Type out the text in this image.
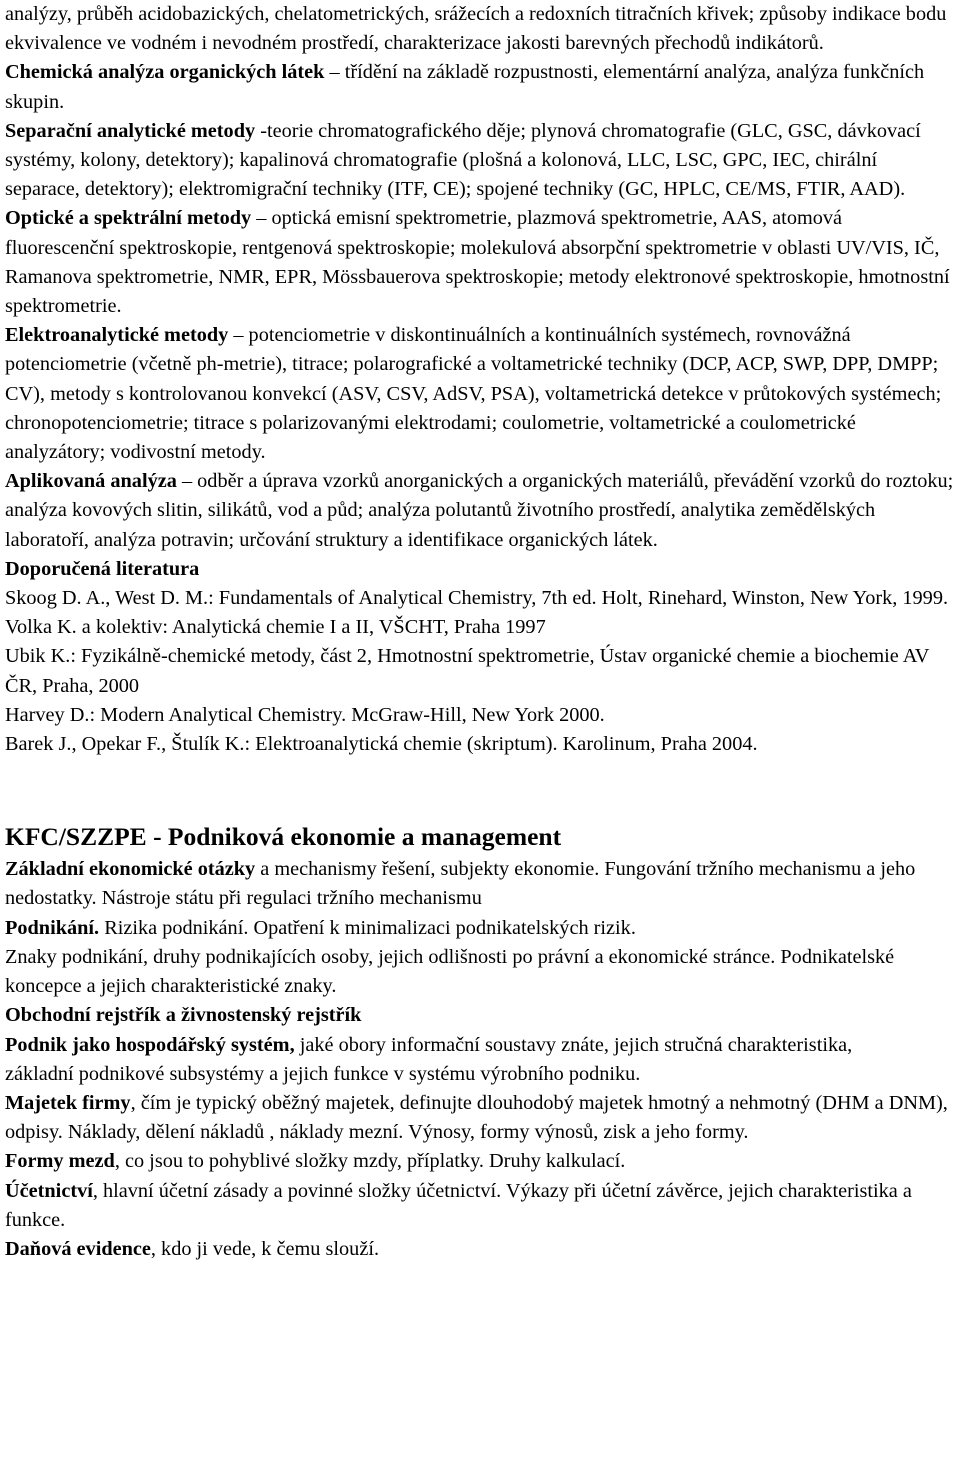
analýzy, průběh acidobazických, chelatometrických, srážecích a redoxních titračních křivek; způsoby indikace bodu ekvivalence ve vodném i nevodném prostředí, charakterizace jakosti barevných přechodů indikátorů.

Chemická analýza organických látek – třídění na základě rozpustnosti, elementární analýza, analýza funkčních skupin.

Separační analytické metody -teorie chromatografického děje; plynová chromatografie (GLC, GSC, dávkovací systémy, kolony, detektory); kapalinová chromatografie (plošná a kolonová, LLC, LSC, GPC, IEC, chirální separace, detektory); elektromigrační techniky (ITF, CE); spojené techniky (GC, HPLC, CE/MS, FTIR, AAD).

Optické a spektrální metody – optická emisní spektrometrie, plazmová spektrometrie, AAS, atomová fluorescenční spektroskopie, rentgenová spektroskopie; molekulová absorpční spektrometrie v oblasti UV/VIS, IČ, Ramanova spektrometrie, NMR, EPR, Mössbauerova spektroskopie; metody elektronové spektroskopie, hmotnostní spektrometrie.

Elektroanalytické metody – potenciometrie v diskontinuálních a kontinuálních systémech, rovnovážná potenciometrie (včetně ph-metrie), titrace; polarografické a voltametrické techniky (DCP, ACP, SWP, DPP, DMPP; CV), metody s kontrolovanou konvekcí (ASV, CSV, AdSV, PSA), voltametrická detekce v průtokových systémech; chronopotenciometrie; titrace s polarizovanými elektrodami; coulometrie, voltametrické a coulometrické analyzátory; vodivostní metody.

Aplikovaná analýza – odběr a úprava vzorků anorganických a organických materiálů, převádění vzorků do roztoku; analýza kovových slitin, silikátů, vod a půd; analýza polutantů životního prostředí, analytika zemědělských laboratoří, analýza potravin; určování struktury a identifikace organických látek.

Doporučená literatura

Skoog D. A., West D. M.: Fundamentals of Analytical Chemistry, 7th ed. Holt, Rinehard, Winston, New York, 1999.

Volka K. a kolektiv: Analytická chemie I a II, VŠCHT, Praha 1997

Ubik K.: Fyzikálně-chemické metody, část 2, Hmotnostní spektrometrie, Ústav organické chemie a biochemie AV ČR, Praha, 2000

Harvey D.: Modern Analytical Chemistry. McGraw-Hill, New York 2000.

Barek J., Opekar F., Štulík K.: Elektroanalytická chemie (skriptum). Karolinum, Praha 2004.

KFC/SZZPE - Podniková ekonomie a management

Základní ekonomické otázky a mechanismy řešení, subjekty ekonomie. Fungování tržního mechanismu a jeho nedostatky. Nástroje státu při regulaci tržního mechanismu

Podnikání. Rizika podnikání. Opatření k minimalizaci podnikatelských rizik.

Znaky podnikání, druhy podnikajících osoby, jejich odlišnosti po právní a ekonomické stránce. Podnikatelské koncepce a jejich charakteristické znaky.

Obchodní rejstřík a živnostenský rejstřík

Podnik jako hospodářský systém, jaké obory informační soustavy znáte, jejich stručná charakteristika,

základní podnikové subsystémy a jejich funkce v systému výrobního podniku.

Majetek firmy, čím je typický oběžný majetek, definujte dlouhodobý majetek hmotný a nehmotný (DHM a DNM), odpisy. Náklady, dělení nákladů , náklady mezní. Výnosy, formy výnosů, zisk a jeho formy.

Formy mezd, co jsou to pohyblivé složky mzdy, příplatky. Druhy kalkulací.

Účetnictví, hlavní účetní zásady a povinné složky účetnictví. Výkazy při účetní závěrce, jejich charakteristika a funkce.

Daňová evidence, kdo ji vede, k čemu slouží.
